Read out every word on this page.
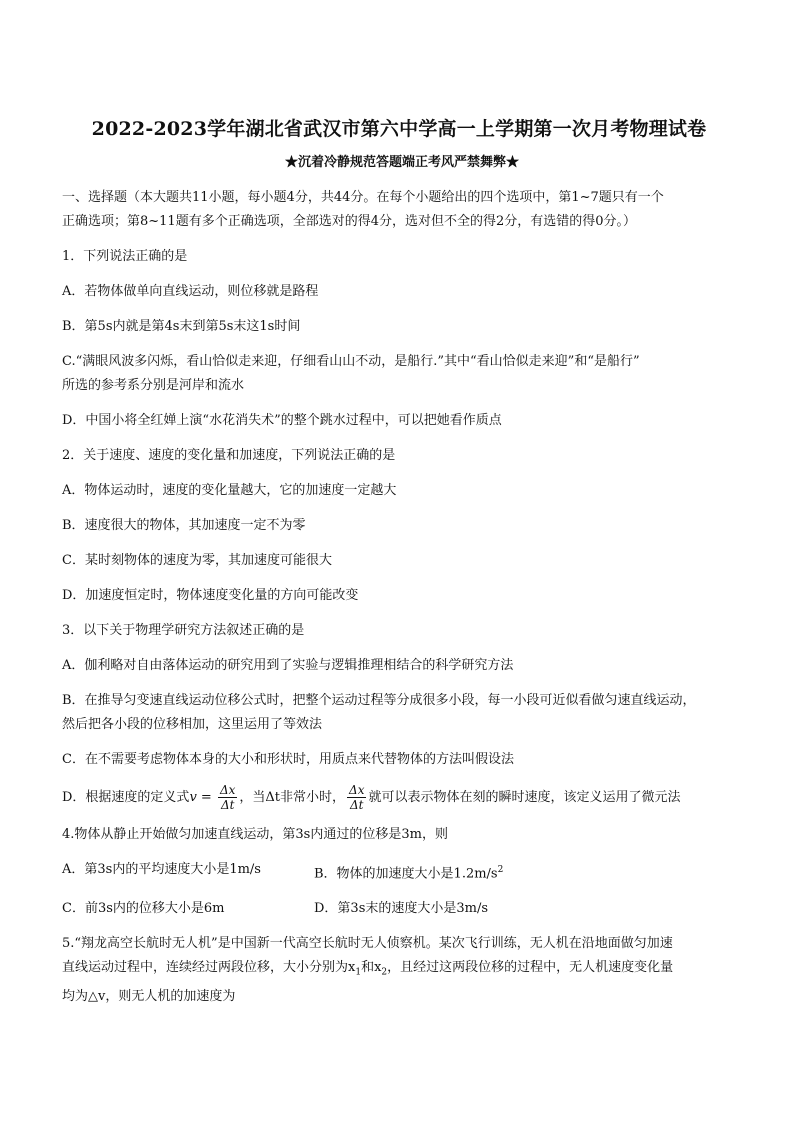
2022-2023学年湖北省武汉市第六中学高一上学期第一次月考物理试卷
★沉着冷静规范答题端正考风严禁舞弊★
一、选择题（本大题共11小题，每小题4分，共44分。在每个小题给出的四个选项中，第1~7题只有一个
正确选项；第8~11题有多个正确选项，全部选对的得4分，选对但不全的得2分，有选错的得0分。）
1．下列说法正确的是
A．若物体做单向直线运动，则位移就是路程
B．第5s内就是第4s末到第5s末这1s时间
C.“满眼风波多闪烁，看山恰似走来迎，仔细看山山不动，是船行.”其中“看山恰似走来迎”和“是船行”
所选的参考系分别是河岸和流水
D．中国小将全红婵上演“水花消失术”的整个跳水过程中，可以把她看作质点
2．关于速度、速度的变化量和加速度，下列说法正确的是
A．物体运动时，速度的变化量越大，它的加速度一定越大
B．速度很大的物体，其加速度一定不为零
C．某时刻物体的速度为零，其加速度可能很大
D．加速度恒定时，物体速度变化量的方向可能改变
3．以下关于物理学研究方法叙述正确的是
A．伽利略对自由落体运动的研究用到了实验与逻辑推理相结合的科学研究方法
B．在推导匀变速直线运动位移公式时，把整个运动过程等分成很多小段，每一小段可近似看做匀速直线运动，
然后把各小段的位移相加，这里运用了等效法
C．在不需要考虑物体本身的大小和形状时，用质点来代替物体的方法叫假设法
D．根据速度的定义式$v = \frac{\Delta x}{\Delta t}$ ，当Δt非常小时， $\frac{\Delta x}{\Delta t}$ 就可以表示物体在刻的瞬时速度，该定义运用了微元法
4.物体从静止开始做匀加速直线运动，第3s内通过的位移是3m，则
A．第3s内的平均速度大小是1m/s	B．物体的加速度大小是$1.2m/s^2$
C．前3s内的位移大小是6m	D．第3s末的速度大小是3m/s
5.“翔龙高空长航时无人机”是中国新一代高空长航时无人侦察机。某次飞行训练，无人机在沿地面做匀加速
直线运动过程中，连续经过两段位移，大小分别为$x_1$和$x_2$，且经过这两段位移的过程中，无人机速度变化量
均为△v，则无人机的加速度为
